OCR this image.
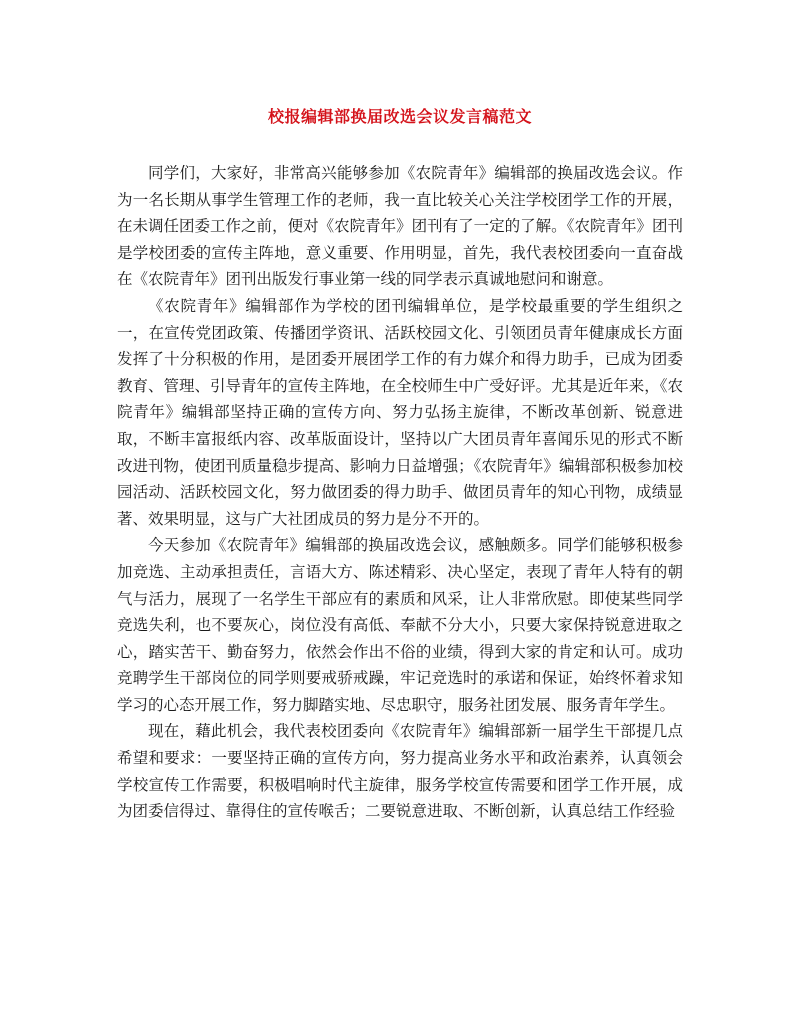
校报编辑部换届改选会议发言稿范文

同学们，大家好，非常高兴能够参加《农院青年》编辑部的换届改选会议。作为一名长期从事学生管理工作的老师，我一直比较关心关注学校团学工作的开展，在未调任团委工作之前，便对《农院青年》团刊有了一定的了解。《农院青年》团刊是学校团委的宣传主阵地，意义重要、作用明显，首先，我代表校团委向一直奋战在《农院青年》团刊出版发行事业第一线的同学表示真诚地慰问和谢意。

《农院青年》编辑部作为学校的团刊编辑单位，是学校最重要的学生组织之一，在宣传党团政策、传播团学资讯、活跃校园文化、引领团员青年健康成长方面发挥了十分积极的作用，是团委开展团学工作的有力媒介和得力助手，已成为团委教育、管理、引导青年的宣传主阵地，在全校师生中广受好评。尤其是近年来，《农院青年》编辑部坚持正确的宣传方向、努力弘扬主旋律，不断改革创新、锐意进取，不断丰富报纸内容、改革版面设计，坚持以广大团员青年喜闻乐见的形式不断改进刊物，使团刊质量稳步提高、影响力日益增强；《农院青年》编辑部积极参加校园活动、活跃校园文化，努力做团委的得力助手、做团员青年的知心刊物，成绩显著、效果明显，这与广大社团成员的努力是分不开的。

今天参加《农院青年》编辑部的换届改选会议，感触颇多。同学们能够积极参加竞选、主动承担责任，言语大方、陈述精彩、决心坚定，表现了青年人特有的朝气与活力，展现了一名学生干部应有的素质和风采，让人非常欣慰。即使某些同学竞选失利，也不要灰心，岗位没有高低、奉献不分大小，只要大家保持锐意进取之心，踏实苦干、勤奋努力，依然会作出不俗的业绩，得到大家的肯定和认可。成功竞聘学生干部岗位的同学则要戒骄戒躁，牢记竞选时的承诺和保证，始终怀着求知学习的心态开展工作，努力脚踏实地、尽忠职守，服务社团发展、服务青年学生。

现在，藉此机会，我代表校团委向《农院青年》编辑部新一届学生干部提几点希望和要求：一要坚持正确的宣传方向，努力提高业务水平和政治素养，认真领会学校宣传工作需要，积极唱响时代主旋律，服务学校宣传需要和团学工作开展，成为团委信得过、靠得住的宣传喉舌；二要锐意进取、不断创新，认真总结工作经验
